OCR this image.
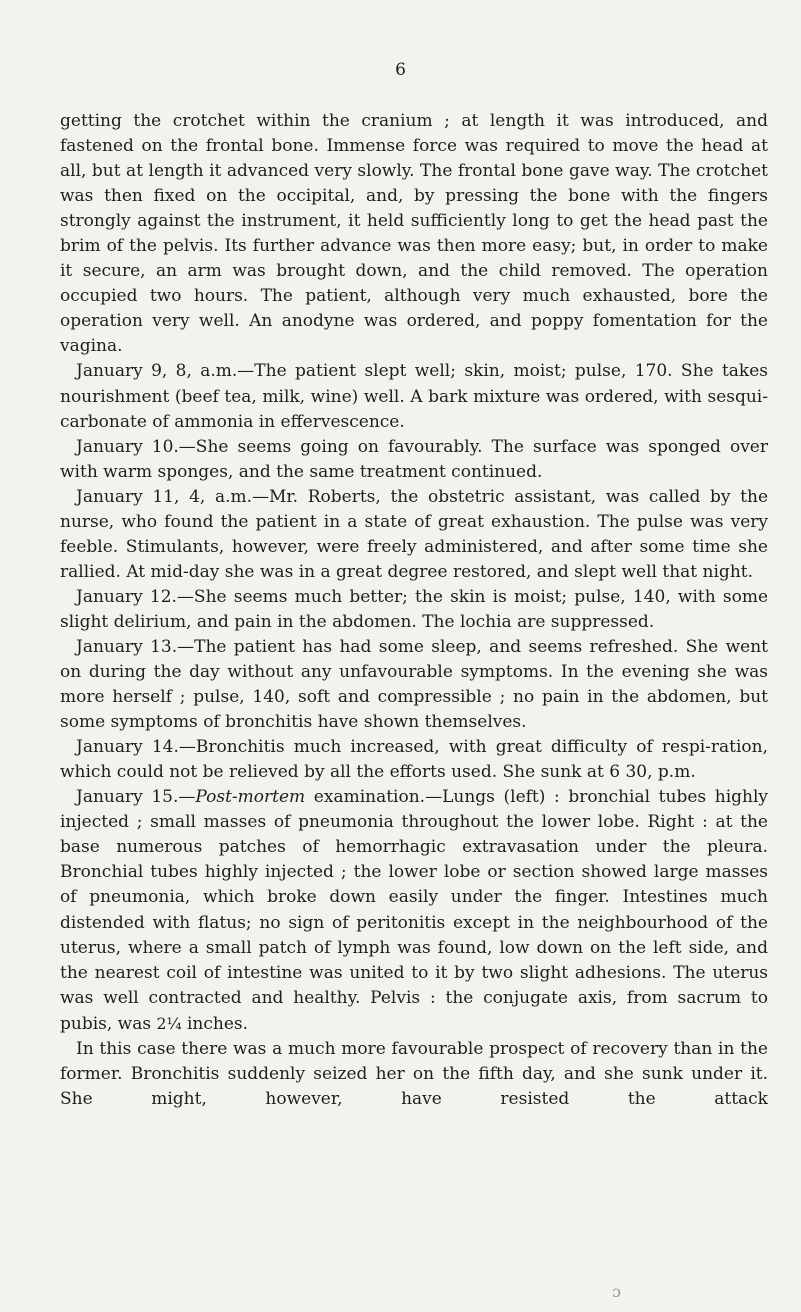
6

getting the crotchet within the cranium ; at length it was introduced, and fastened on the frontal bone. Immense force was required to move the head at all, but at length it advanced very slowly. The frontal bone gave way. The crotchet was then fixed on the occipital, and, by pressing the bone with the fingers strongly against the instrument, it held sufficiently long to get the head past the brim of the pelvis. Its further advance was then more easy; but, in order to make it secure, an arm was brought down, and the child removed. The operation occupied two hours. The patient, although very much exhausted, bore the operation very well. An anodyne was ordered, and poppy fomentation for the vagina.

January 9, 8, a.m.—The patient slept well; skin, moist; pulse, 170. She takes nourishment (beef tea, milk, wine) well. A bark mixture was ordered, with sesqui-carbonate of ammonia in effervescence.

January 10.—She seems going on favourably. The surface was sponged over with warm sponges, and the same treatment continued.

January 11, 4, a.m.—Mr. Roberts, the obstetric assistant, was called by the nurse, who found the patient in a state of great exhaustion. The pulse was very feeble. Stimulants, however, were freely administered, and after some time she rallied. At mid-day she was in a great degree restored, and slept well that night.

January 12.—She seems much better; the skin is moist; pulse, 140, with some slight delirium, and pain in the abdomen. The lochia are suppressed.

January 13.—The patient has had some sleep, and seems refreshed. She went on during the day without any unfavourable symptoms. In the evening she was more herself ; pulse, 140, soft and compressible ; no pain in the abdomen, but some symptoms of bronchitis have shown themselves.

January 14.—Bronchitis much increased, with great difficulty of respi-ration, which could not be relieved by all the efforts used. She sunk at 6 30, p.m.

January 15.—Post-mortem examination.—Lungs (left) : bronchial tubes highly injected ; small masses of pneumonia throughout the lower lobe. Right : at the base numerous patches of hemorrhagic extravasation under the pleura. Bronchial tubes highly injected ; the lower lobe or section showed large masses of pneumonia, which broke down easily under the finger. Intestines much distended with flatus; no sign of peritonitis except in the neighbourhood of the uterus, where a small patch of lymph was found, low down on the left side, and the nearest coil of intestine was united to it by two slight adhesions. The uterus was well contracted and healthy. Pelvis : the conjugate axis, from sacrum to pubis, was 2¼ inches.

In this case there was a much more favourable prospect of recovery than in the former. Bronchitis suddenly seized her on the fifth day, and she sunk under it. She might, however, have resisted the attack

ɔ
